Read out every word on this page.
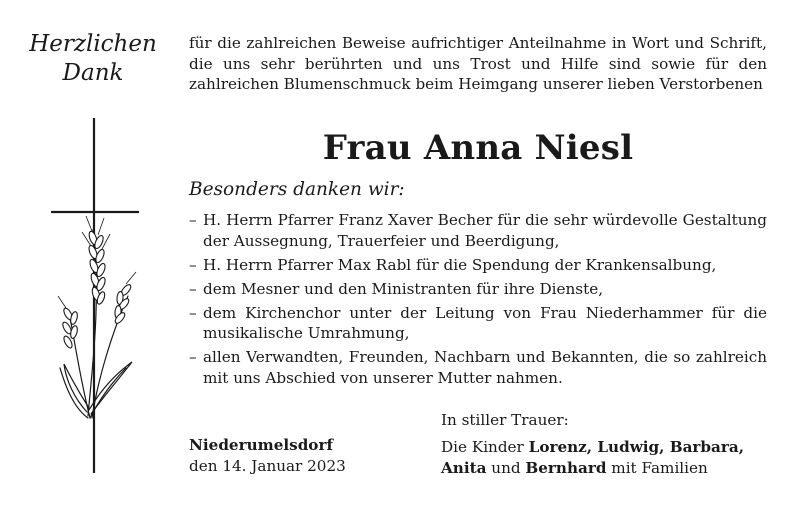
Herzlichen
Dank
für die zahlreichen Beweise aufrichtiger Anteilnahme in Wort und Schrift, die uns sehr berührten und uns Trost und Hilfe sind sowie für den zahlreichen Blumenschmuck beim Heimgang unserer lieben Verstorbenen
Frau Anna Niesl
Besonders danken wir:
– H. Herrn Pfarrer Franz Xaver Becher für die sehr würdevolle Gestaltung der Aussegnung, Trauerfeier und Beerdigung,
– H. Herrn Pfarrer Max Rabl für die Spendung der Krankensalbung,
– dem Mesner und den Ministranten für ihre Dienste,
– dem Kirchenchor unter der Leitung von Frau Niederhammer für die musikalische Umrahmung,
– allen Verwandten, Freunden, Nachbarn und Bekannten, die so zahlreich mit uns Abschied von unserer Mutter nahmen.
Niederumelsdorf
den 14. Januar 2023
In stiller Trauer:
Die Kinder Lorenz, Ludwig, Barbara,
Anita und Bernhard mit Familien
